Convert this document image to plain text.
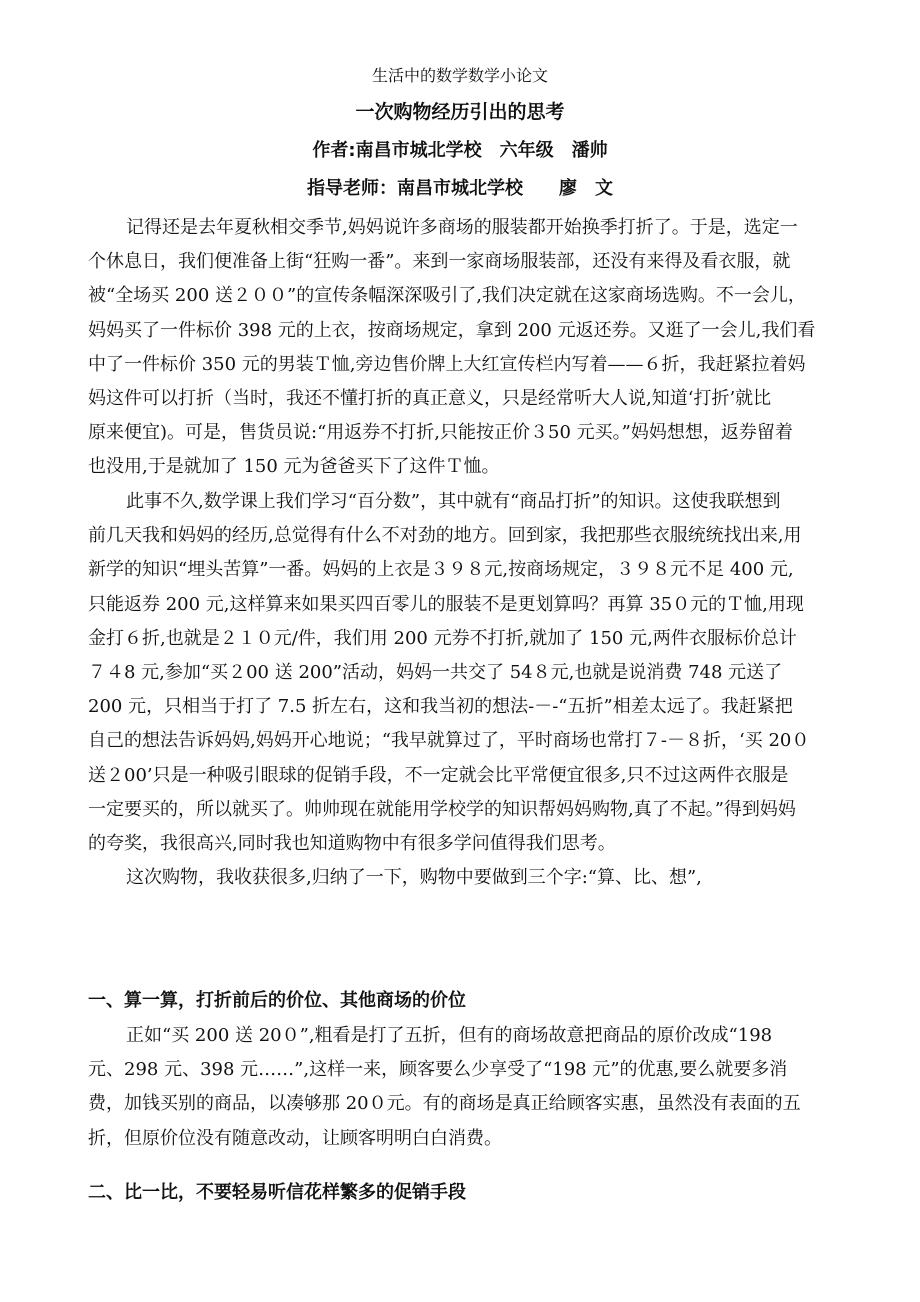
生活中的数学数学小论文
一次购物经历引出的思考
作者:南昌市城北学校　六年级　潘帅
指导老师：南昌市城北学校　　廖　文
记得还是去年夏秋相交季节,妈妈说许多商场的服装都开始换季打折了。于是，选定一
个休息日，我们便准备上街“狂购一番”。来到一家商场服装部，还没有来得及看衣服，就
被“全场买 200 送２００”的宣传条幅深深吸引了,我们决定就在这家商场选购。不一会儿，
妈妈买了一件标价 398 元的上衣，按商场规定，拿到 200 元返还券。又逛了一会儿,我们看
中了一件标价 350 元的男装Ｔ恤,旁边售价牌上大红宣传栏内写着——６折，我赶紧拉着妈
妈这件可以打折（当时，我还不懂打折的真正意义，只是经常听大人说,知道‘打折’就比
原来便宜)。可是，售货员说:“用返券不打折,只能按正价３50 元买。”妈妈想想，返券留着
也没用,于是就加了 150 元为爸爸买下了这件Ｔ恤。
此事不久,数学课上我们学习“百分数”，其中就有“商品打折”的知识。这使我联想到
前几天我和妈妈的经历,总觉得有什么不对劲的地方。回到家，我把那些衣服统统找出来,用
新学的知识“埋头苦算”一番。妈妈的上衣是３９８元,按商场规定，３９８元不足 400 元,
只能返券 200 元,这样算来如果买四百零儿的服装不是更划算吗？再算 35０元的Ｔ恤,用现
金打６折,也就是２１０元/件，我们用 200 元券不打折,就加了 150 元,两件衣服标价总计
７４8 元,参加“买２00 送 200”活动，妈妈一共交了 54８元,也就是说消费 748 元送了
200 元，只相当于打了 7.5 折左右，这和我当初的想法-－-“五折”相差太远了。我赶紧把
自己的想法告诉妈妈,妈妈开心地说；“我早就算过了，平时商场也常打７-－８折，‘买 20０
送２00’只是一种吸引眼球的促销手段，不一定就会比平常便宜很多,只不过这两件衣服是
一定要买的，所以就买了。帅帅现在就能用学校学的知识帮妈妈购物,真了不起。”得到妈妈
的夸奖，我很高兴,同时我也知道购物中有很多学问值得我们思考。
这次购物，我收获很多,归纳了一下，购物中要做到三个字:“算、比、想”,
一、算一算，打折前后的价位、其他商场的价位
正如“买 200 送 20０”,粗看是打了五折，但有的商场故意把商品的原价改成“198
元、298 元、398 元……”,这样一来，顾客要么少享受了“198 元”的优惠,要么就要多消
费，加钱买别的商品，以凑够那 20０元。有的商场是真正给顾客实惠，虽然没有表面的五
折，但原价位没有随意改动，让顾客明明白白消费。
二、比一比，不要轻易听信花样繁多的促销手段
